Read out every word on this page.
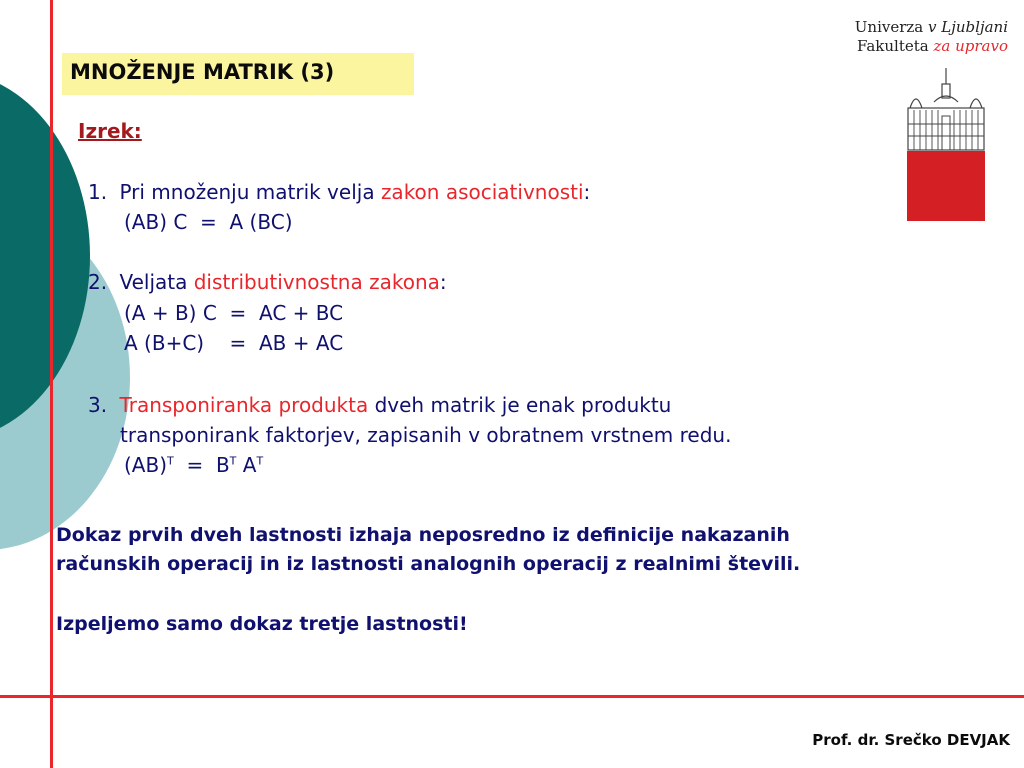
Univerza v Ljubljani
Fakulteta za upravo
MNOŽENJE MATRIK (3)
Izrek:
1. Pri množenju matrik velja zakon asociativnosti:
(AB) C  =  A (BC)
2. Veljata distributivnostna zakona:
(A + B) C  =  AC + BC
A (B+C)    =  AB + AC
3. Transponiranka produkta dveh matrik je enak produktu
transponirank faktorjev, zapisanih v obratnem vrstnem redu.
$(AB)^T = B^T$ $A^T$
Dokaz prvih dveh lastnosti izhaja neposredno iz definicije nakazanih
računskih operacij in iz lastnosti analognih operacij z realnimi števili.
Izpeljemo samo dokaz tretje lastnosti!
Prof. dr. Srečko DEVJAK
